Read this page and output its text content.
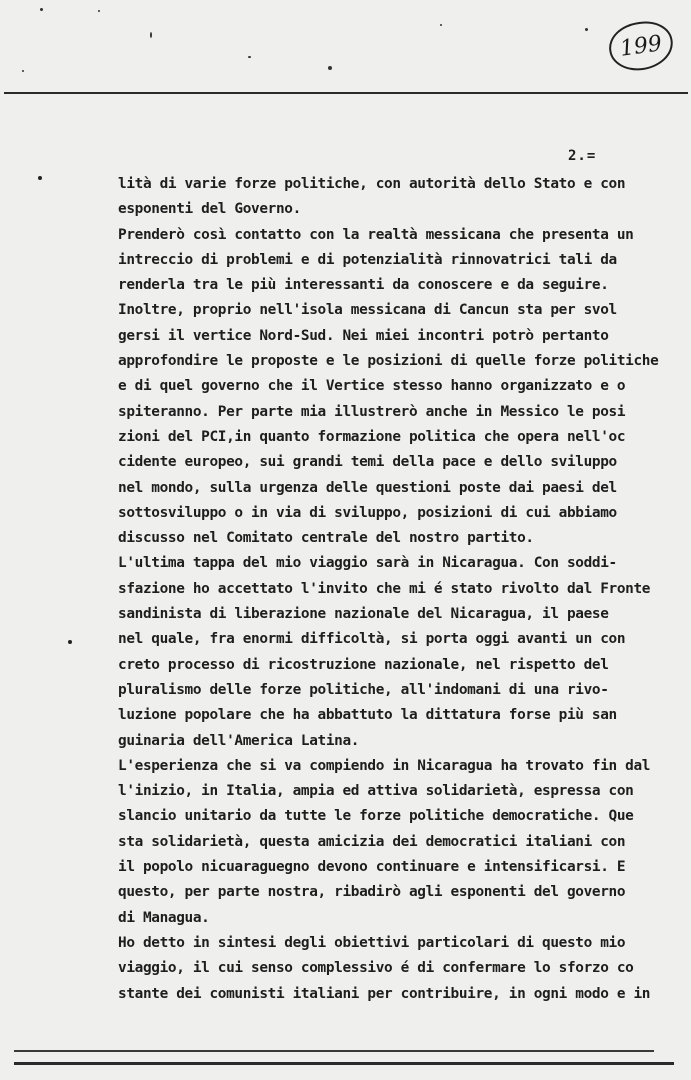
199
2.=
lità di varie forze politiche, con autorità dello Stato e con
esponenti del Governo.
Prenderò così contatto con la realtà messicana che presenta un
intreccio di problemi e di potenzialità rinnovatrici tali da
renderla tra le più interessanti da conoscere e da seguire.
Inoltre, proprio nell'isola messicana di Cancun sta per svol
gersi il vertice Nord-Sud. Nei miei incontri potrò pertanto
approfondire le proposte e le posizioni di quelle forze politiche
e di quel governo che il Vertice stesso hanno organizzato e o
spiteranno. Per parte mia illustrerò anche in Messico le posi
zioni del PCI,in quanto formazione politica che opera nell'oc
cidente europeo, sui grandi temi della pace e dello sviluppo
nel mondo, sulla urgenza delle questioni poste dai paesi del
sottosviluppo o in via di sviluppo, posizioni di cui abbiamo
discusso nel Comitato centrale del nostro partito.
L'ultima tappa del mio viaggio sarà in Nicaragua. Con soddi-
sfazione ho accettato l'invito che mi é stato rivolto dal Fronte
sandinista di liberazione nazionale del Nicaragua, il paese
nel quale, fra enormi difficoltà, si porta oggi avanti un con
creto processo di ricostruzione nazionale, nel rispetto del
pluralismo delle forze politiche, all'indomani di una rivo-
luzione popolare che ha abbattuto la dittatura forse più san
guinaria dell'America Latina.
L'esperienza che si va compiendo in Nicaragua ha trovato fin dal
l'inizio, in Italia, ampia ed attiva solidarietà, espressa con
slancio unitario da tutte le forze politiche democratiche. Que
sta solidarietà, questa amicizia dei democratici italiani con
il popolo nicuaraguegno devono continuare e intensificarsi. E
questo, per parte nostra, ribadirò agli esponenti del governo
di Managua.
Ho detto in sintesi degli obiettivi particolari di questo mio
viaggio, il cui senso complessivo é di confermare lo sforzo co
stante dei comunisti italiani per contribuire, in ogni modo e in
